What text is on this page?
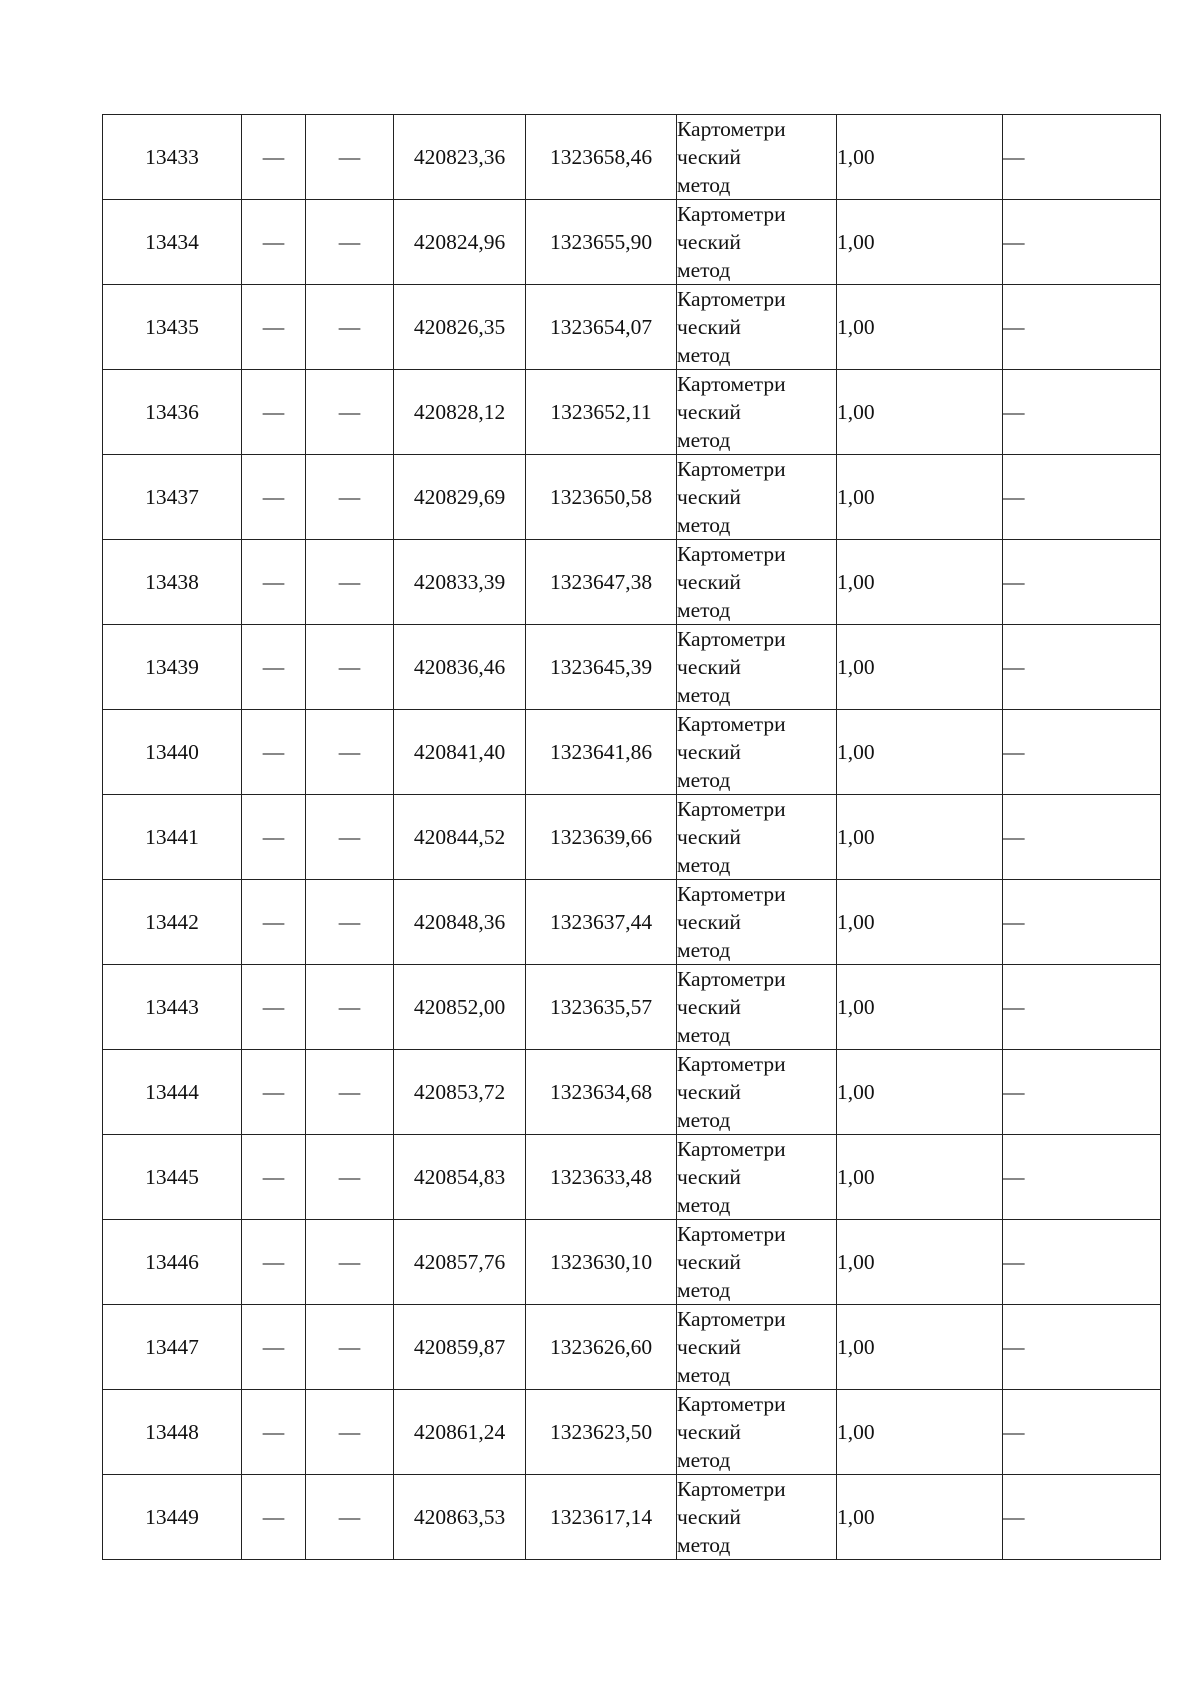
13433	—	—	420823,36	1323658,46	Картометри
ческий
метод	1,00	—
13434	—	—	420824,96	1323655,90	Картометри
ческий
метод	1,00	—
13435	—	—	420826,35	1323654,07	Картометри
ческий
метод	1,00	—
13436	—	—	420828,12	1323652,11	Картометри
ческий
метод	1,00	—
13437	—	—	420829,69	1323650,58	Картометри
ческий
метод	1,00	—
13438	—	—	420833,39	1323647,38	Картометри
ческий
метод	1,00	—
13439	—	—	420836,46	1323645,39	Картометри
ческий
метод	1,00	—
13440	—	—	420841,40	1323641,86	Картометри
ческий
метод	1,00	—
13441	—	—	420844,52	1323639,66	Картометри
ческий
метод	1,00	—
13442	—	—	420848,36	1323637,44	Картометри
ческий
метод	1,00	—
13443	—	—	420852,00	1323635,57	Картометри
ческий
метод	1,00	—
13444	—	—	420853,72	1323634,68	Картометри
ческий
метод	1,00	—
13445	—	—	420854,83	1323633,48	Картометри
ческий
метод	1,00	—
13446	—	—	420857,76	1323630,10	Картометри
ческий
метод	1,00	—
13447	—	—	420859,87	1323626,60	Картометри
ческий
метод	1,00	—
13448	—	—	420861,24	1323623,50	Картометри
ческий
метод	1,00	—
13449	—	—	420863,53	1323617,14	Картометри
ческий
метод	1,00	—
